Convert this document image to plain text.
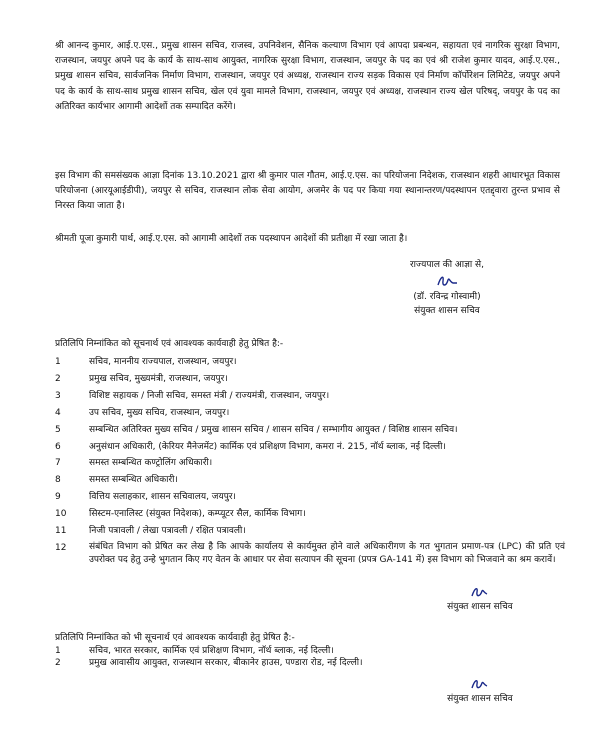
श्री आनन्द कुमार, आई.ए.एस., प्रमुख शासन सचिव, राजस्व, उपनिवेशन, सैनिक कल्याण विभाग एवं आपदा प्रबन्धन, सहायता एवं नागरिक सुरक्षा विभाग, राजस्थान, जयपुर अपने पद के कार्य के साथ-साथ आयुक्त, नागरिक सुरक्षा विभाग, राजस्थान, जयपुर के पद का एवं श्री राजेश कुमार यादव, आई.ए.एस., प्रमुख शासन सचिव, सार्वजनिक निर्माण विभाग, राजस्थान, जयपुर एवं अध्यक्ष, राजस्थान राज्य सड़क विकास एवं निर्माण कॉर्पोरेशन लिमिटेड, जयपुर अपने पद के कार्य के साथ-साथ प्रमुख शासन सचिव, खेल एवं युवा मामले विभाग, राजस्थान, जयपुर एवं अध्यक्ष, राजस्थान राज्य खेल परिषद्, जयपुर के पद का अतिरिक्त कार्यभार आगामी आदेशों तक सम्पादित करेंगे।

इस विभाग की समसंख्यक आज्ञा दिनांक 13.10.2021 द्वारा श्री कुमार पाल गौतम, आई.ए.एस. का परियोजना निदेशक, राजस्थान शहरी आधारभूत विकास परियोजना (आरयूआईडीपी), जयपुर से सचिव, राजस्थान लोक सेवा आयोग, अजमेर के पद पर किया गया स्थानान्तरण/पदस्थापन एतद्द्वारा तुरन्त प्रभाव से निरस्त किया जाता है।

श्रीमती पूजा कुमारी पार्थ, आई.ए.एस. को आगामी आदेशों तक पदस्थापन आदेशों की प्रतीक्षा में रखा जाता है।

राज्यपाल की आज्ञा से,
(डॉ. रविन्द्र गोस्वामी)
संयुक्त शासन सचिव
प्रतिलिपि निम्नांकित को सूचनार्थ एवं आवश्यक कार्यवाही हेतु प्रेषित है:-
1	सचिव, माननीय राज्यपाल, राजस्थान, जयपुर।
2	प्रमुख सचिव, मुख्यमंत्री, राजस्थान, जयपुर।
3	विशिष्ट सहायक / निजी सचिव, समस्त मंत्री / राज्यमंत्री, राजस्थान, जयपुर।
4	उप सचिव, मुख्य सचिव, राजस्थान, जयपुर।
5	सम्बन्धित अतिरिक्त मुख्य सचिव / प्रमुख शासन सचिव / शासन सचिव / सम्भागीय आयुक्त / विशिष्ठ शासन सचिव।
6	अनुसंधान अधिकारी, (केरियर मैनेजमेंट) कार्मिक एवं प्रशिक्षण विभाग, कमरा नं. 215, नॉर्थ ब्लाक, नई दिल्ली।
7	समस्त सम्बन्धित कण्ट्रोलिंग अधिकारी।
8	समस्त सम्बन्धित अधिकारी।
9	वित्तिय सलाहकार, शासन सचिवालय, जयपुर।
10	सिस्टम-एनालिस्ट (संयुक्त निदेशक), कम्प्यूटर सैल, कार्मिक विभाग।
11	निजी पत्रावली / लेखा पत्रावली / रक्षित पत्रावली।
12	संबंधित विभाग को प्रेषित कर लेख है कि आपके कार्यालय से कार्यमुक्त होने वाले अधिकारीगण के गत भुगतान प्रमाण-पत्र (LPC) की प्रति एवं उपरोक्त पद हेतु उन्हे भुगतान किए गए वेतन के आधार पर सेवा सत्यापन की सूचना (प्रपत्र GA-141 में) इस विभाग को भिजवाने का श्रम करावें।
संयुक्त शासन सचिव
प्रतिलिपि निम्नांकित को भी सूचनार्थ एवं आवश्यक कार्यवाही हेतु प्रेषित है:-
1	सचिव, भारत सरकार, कार्मिक एवं प्रशिक्षण विभाग, नॉर्थ ब्लाक, नई दिल्ली।
2	प्रमुख आवासीय आयुक्त, राजस्थान सरकार, बीकानेर हाउस, पण्डारा रोड, नई दिल्ली।
संयुक्त शासन सचिव
